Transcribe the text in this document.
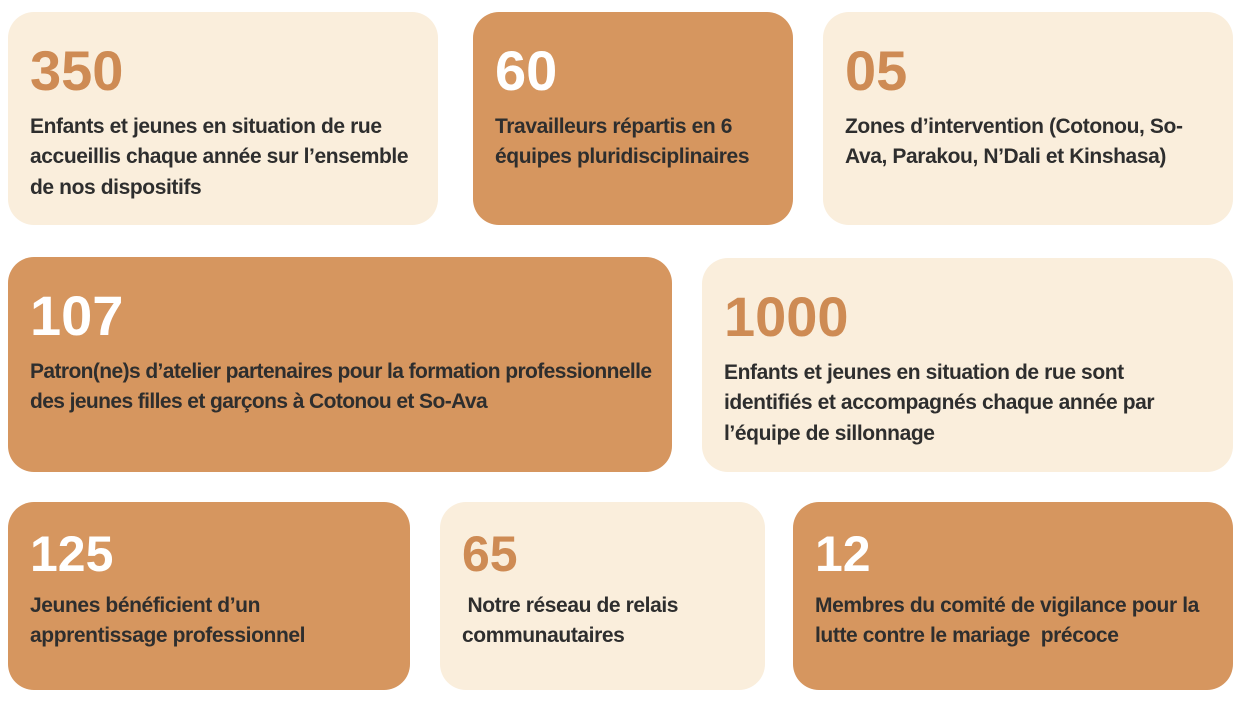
350

Enfants et jeunes en situation de rue accueillis chaque année sur l’ensemble de nos dispositifs

60

Travailleurs répartis en 6 équipes pluridisciplinaires

05

Zones d’intervention (Cotonou, So-Ava, Parakou, N’Dali et Kinshasa)

107

Patron(ne)s d’atelier partenaires pour la formation professionnelle des jeunes filles et garçons à Cotonou et So-Ava

1000

Enfants et jeunes en situation de rue sont identifiés et accompagnés chaque année par l’équipe de sillonnage

125

Jeunes bénéficient d’un apprentissage professionnel

65

Notre réseau de relais communautaires

12

Membres du comité de vigilance pour la lutte contre le mariage  précoce
